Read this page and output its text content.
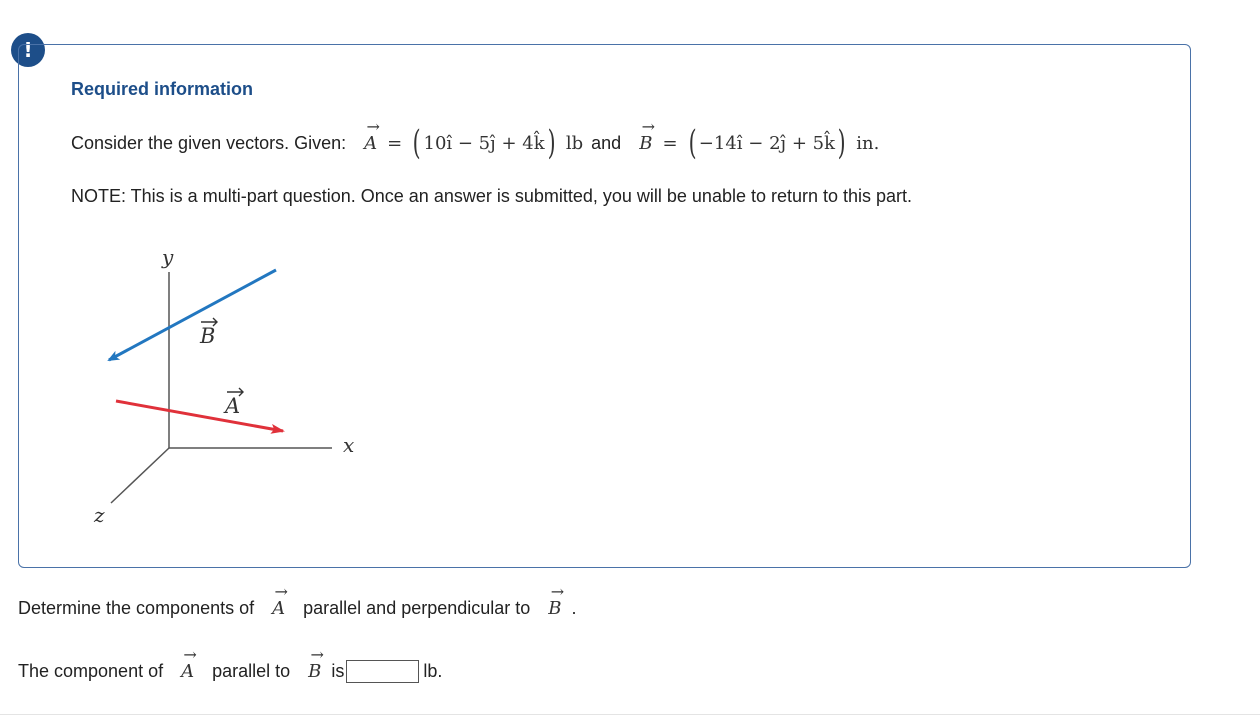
!
Required information
Consider the given vectors. Given:
→
A = ( 10î − 5ĵ + 4k̂ ) lb and
→
B = ( −14î − 2ĵ + 5k̂ ) in.

NOTE: This is a multi-part question. Once an answer is submitted, you will be unable to return to this part.

y
x
z
B
A
Determine the components of
→
A parallel and perpendicular to
→
B .
The component of
→
A parallel to
→
B is	lb.
